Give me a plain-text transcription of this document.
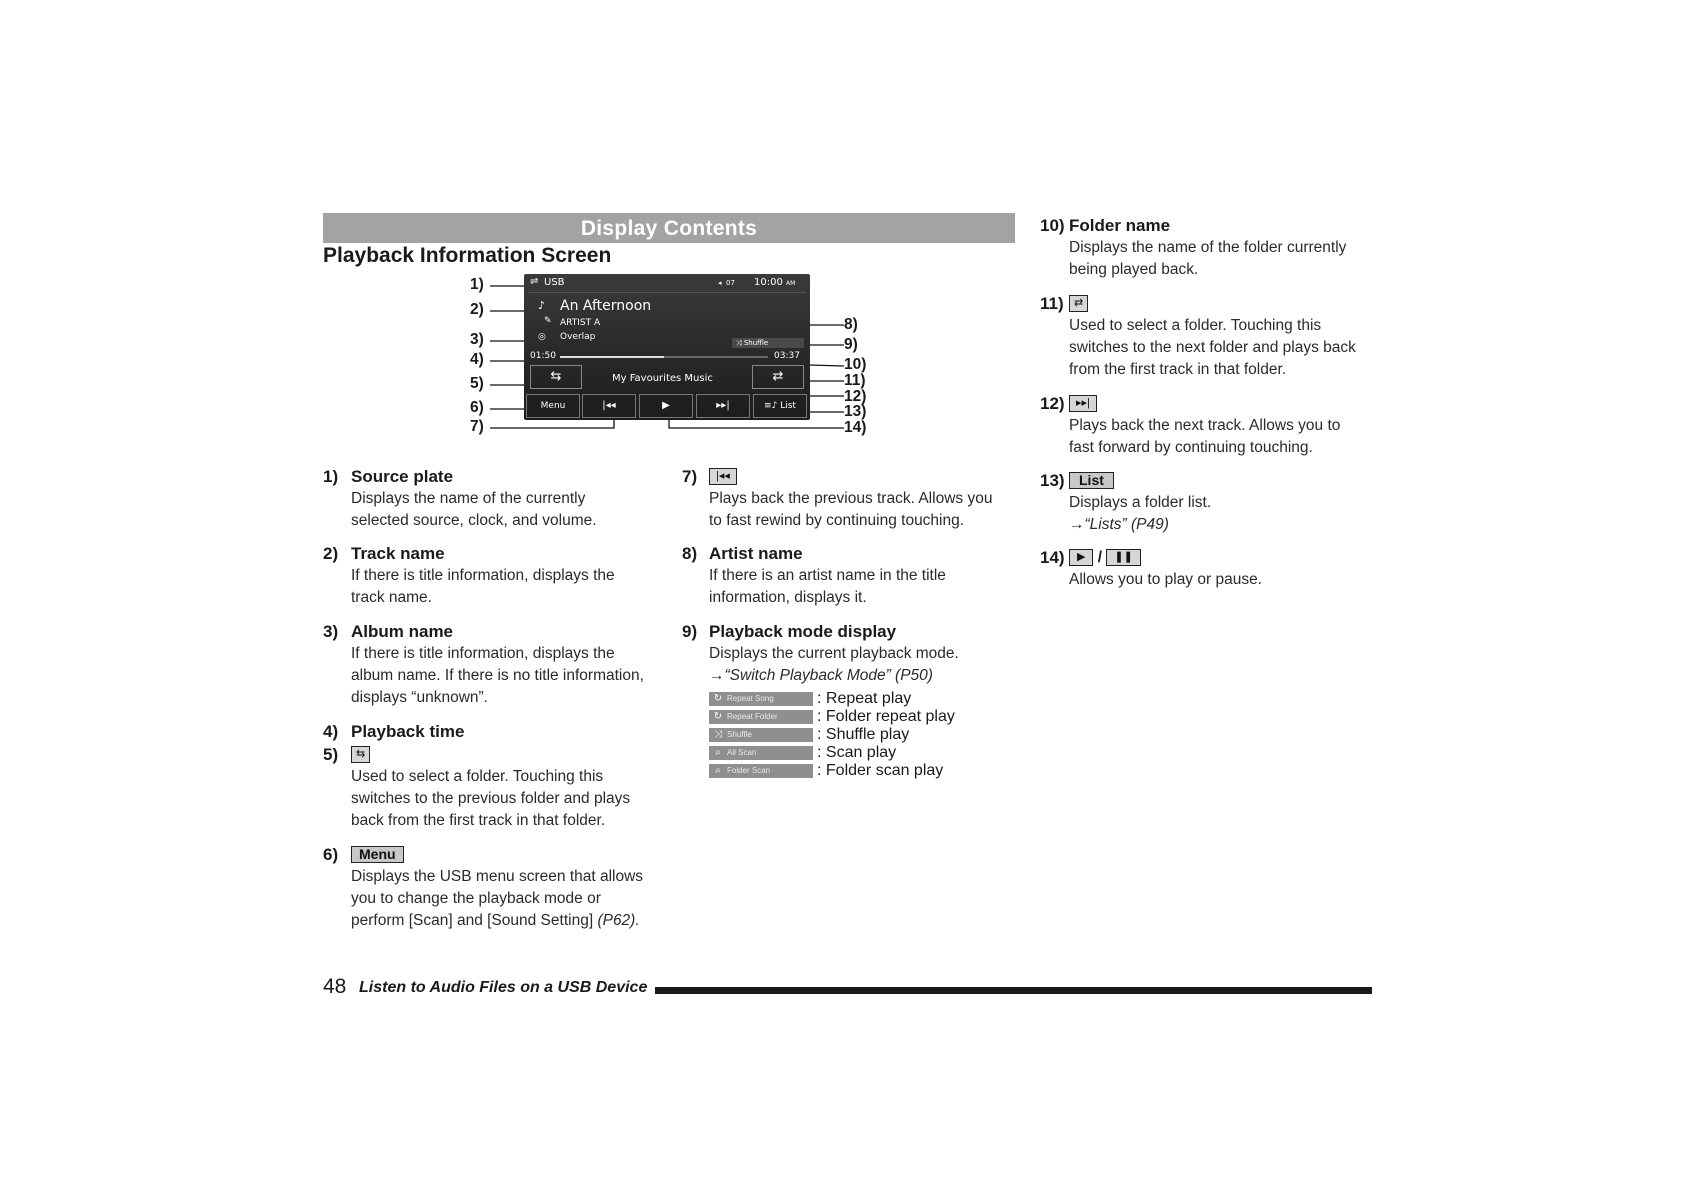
Display Contents
Playback Information Screen
1)
2)
3)
4)
5)
6)
7)
8)
9)
10)
11)
12)
13)
14)
⇌ USB	◂ 07 10:00 AM
♪ An Afternoon
✎ ARTIST A
◎ Overlap
⤨ Shuffle
01:50	03:37
⇆	My Favourites Music	⇄
Menu	|◂◂	▶	▸▸|	≡♪ List
1) Source plate
Displays the name of the currently
selected source, clock, and volume.
2) Track name
If there is title information, displays the
track name.
3) Album name
If there is title information, displays the
album name. If there is no title information,
displays “unknown”.
4) Playback time
5)	⇆
Used to select a folder. Touching this
switches to the previous folder and plays
back from the first track in that folder.
6)	Menu
Displays the USB menu screen that allows
you to change the playback mode or
perform [Scan] and [Sound Setting] (P62).
7)	|◂◂
Plays back the previous track. Allows you
to fast rewind by continuing touching.
8) Artist name
If there is an artist name in the title
information, displays it.
9) Playback mode display
Displays the current playback mode.
→“Switch Playback Mode” (P50)
↻ Repeat Song	: Repeat play
↻ Repeat Folder : Folder repeat play
⤨ Shuffle	: Shuffle play
⌕ All Scan	: Scan play
⌕ Folder Scan	: Folder scan play
10) Folder name
Displays the name of the folder currently
being played back.
11) ⇄
Used to select a folder. Touching this
switches to the next folder and plays back
from the first track in that folder.
12)	▸▸|
Plays back the next track. Allows you to
fast forward by continuing touching.
13)	List
Displays a folder list.
→“Lists” (P49)
14)	▶ / ❚❚
Allows you to play or pause.
48 Listen to Audio Files on a USB Device
